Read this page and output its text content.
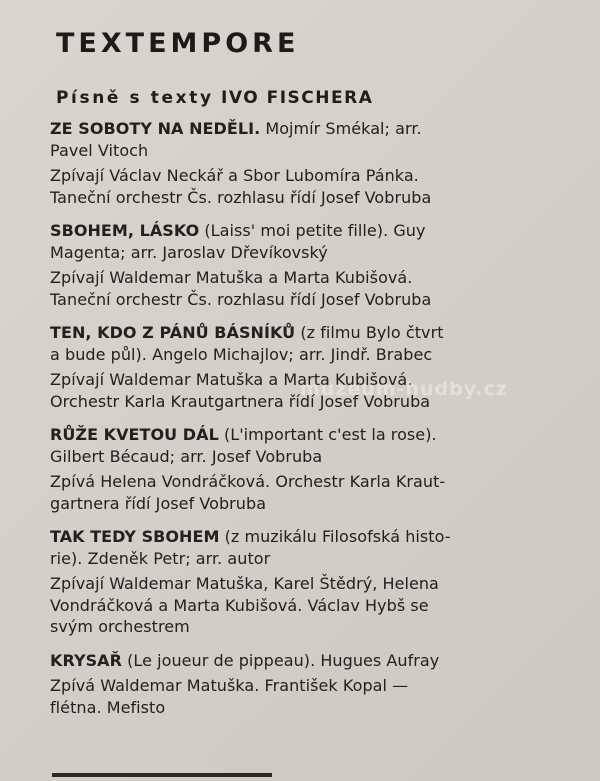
TEXTEMPORE

Písně s texty IVO FISCHERA

ZE SOBOTY NA NEDĚLI. Mojmír Smékal; arr.
Pavel Vitoch
Zpívají Václav Neckář a Sbor Lubomíra Pánka.
Taneční orchestr Čs. rozhlasu řídí Josef Vobruba
SBOHEM, LÁSKO (Laiss' moi petite fille). Guy
Magenta; arr. Jaroslav Dřevíkovský
Zpívají Waldemar Matuška a Marta Kubišová.
Taneční orchestr Čs. rozhlasu řídí Josef Vobruba
TEN, KDO Z PÁNŮ BÁSNÍKŮ (z filmu Bylo čtvrt
a bude půl). Angelo Michajlov; arr. Jindř. Brabec
Zpívají Waldemar Matuška a Marta Kubišová.
Orchestr Karla Krautgartnera řídí Josef Vobruba
RŮŽE KVETOU DÁL (L'important c'est la rose).
Gilbert Bécaud; arr. Josef Vobruba
Zpívá Helena Vondráčková. Orchestr Karla Kraut-
gartnera řídí Josef Vobruba
TAK TEDY SBOHEM (z muzikálu Filosofská histo-
rie). Zdeněk Petr; arr. autor
Zpívají Waldemar Matuška, Karel Štědrý, Helena
Vondráčková a Marta Kubišová. Václav Hybš se
svým orchestrem
KRYSAŘ (Le joueur de pippeau). Hugues Aufray
Zpívá Waldemar Matuška. František Kopal —
flétna. Mefisto
muzeum-hudby.cz
